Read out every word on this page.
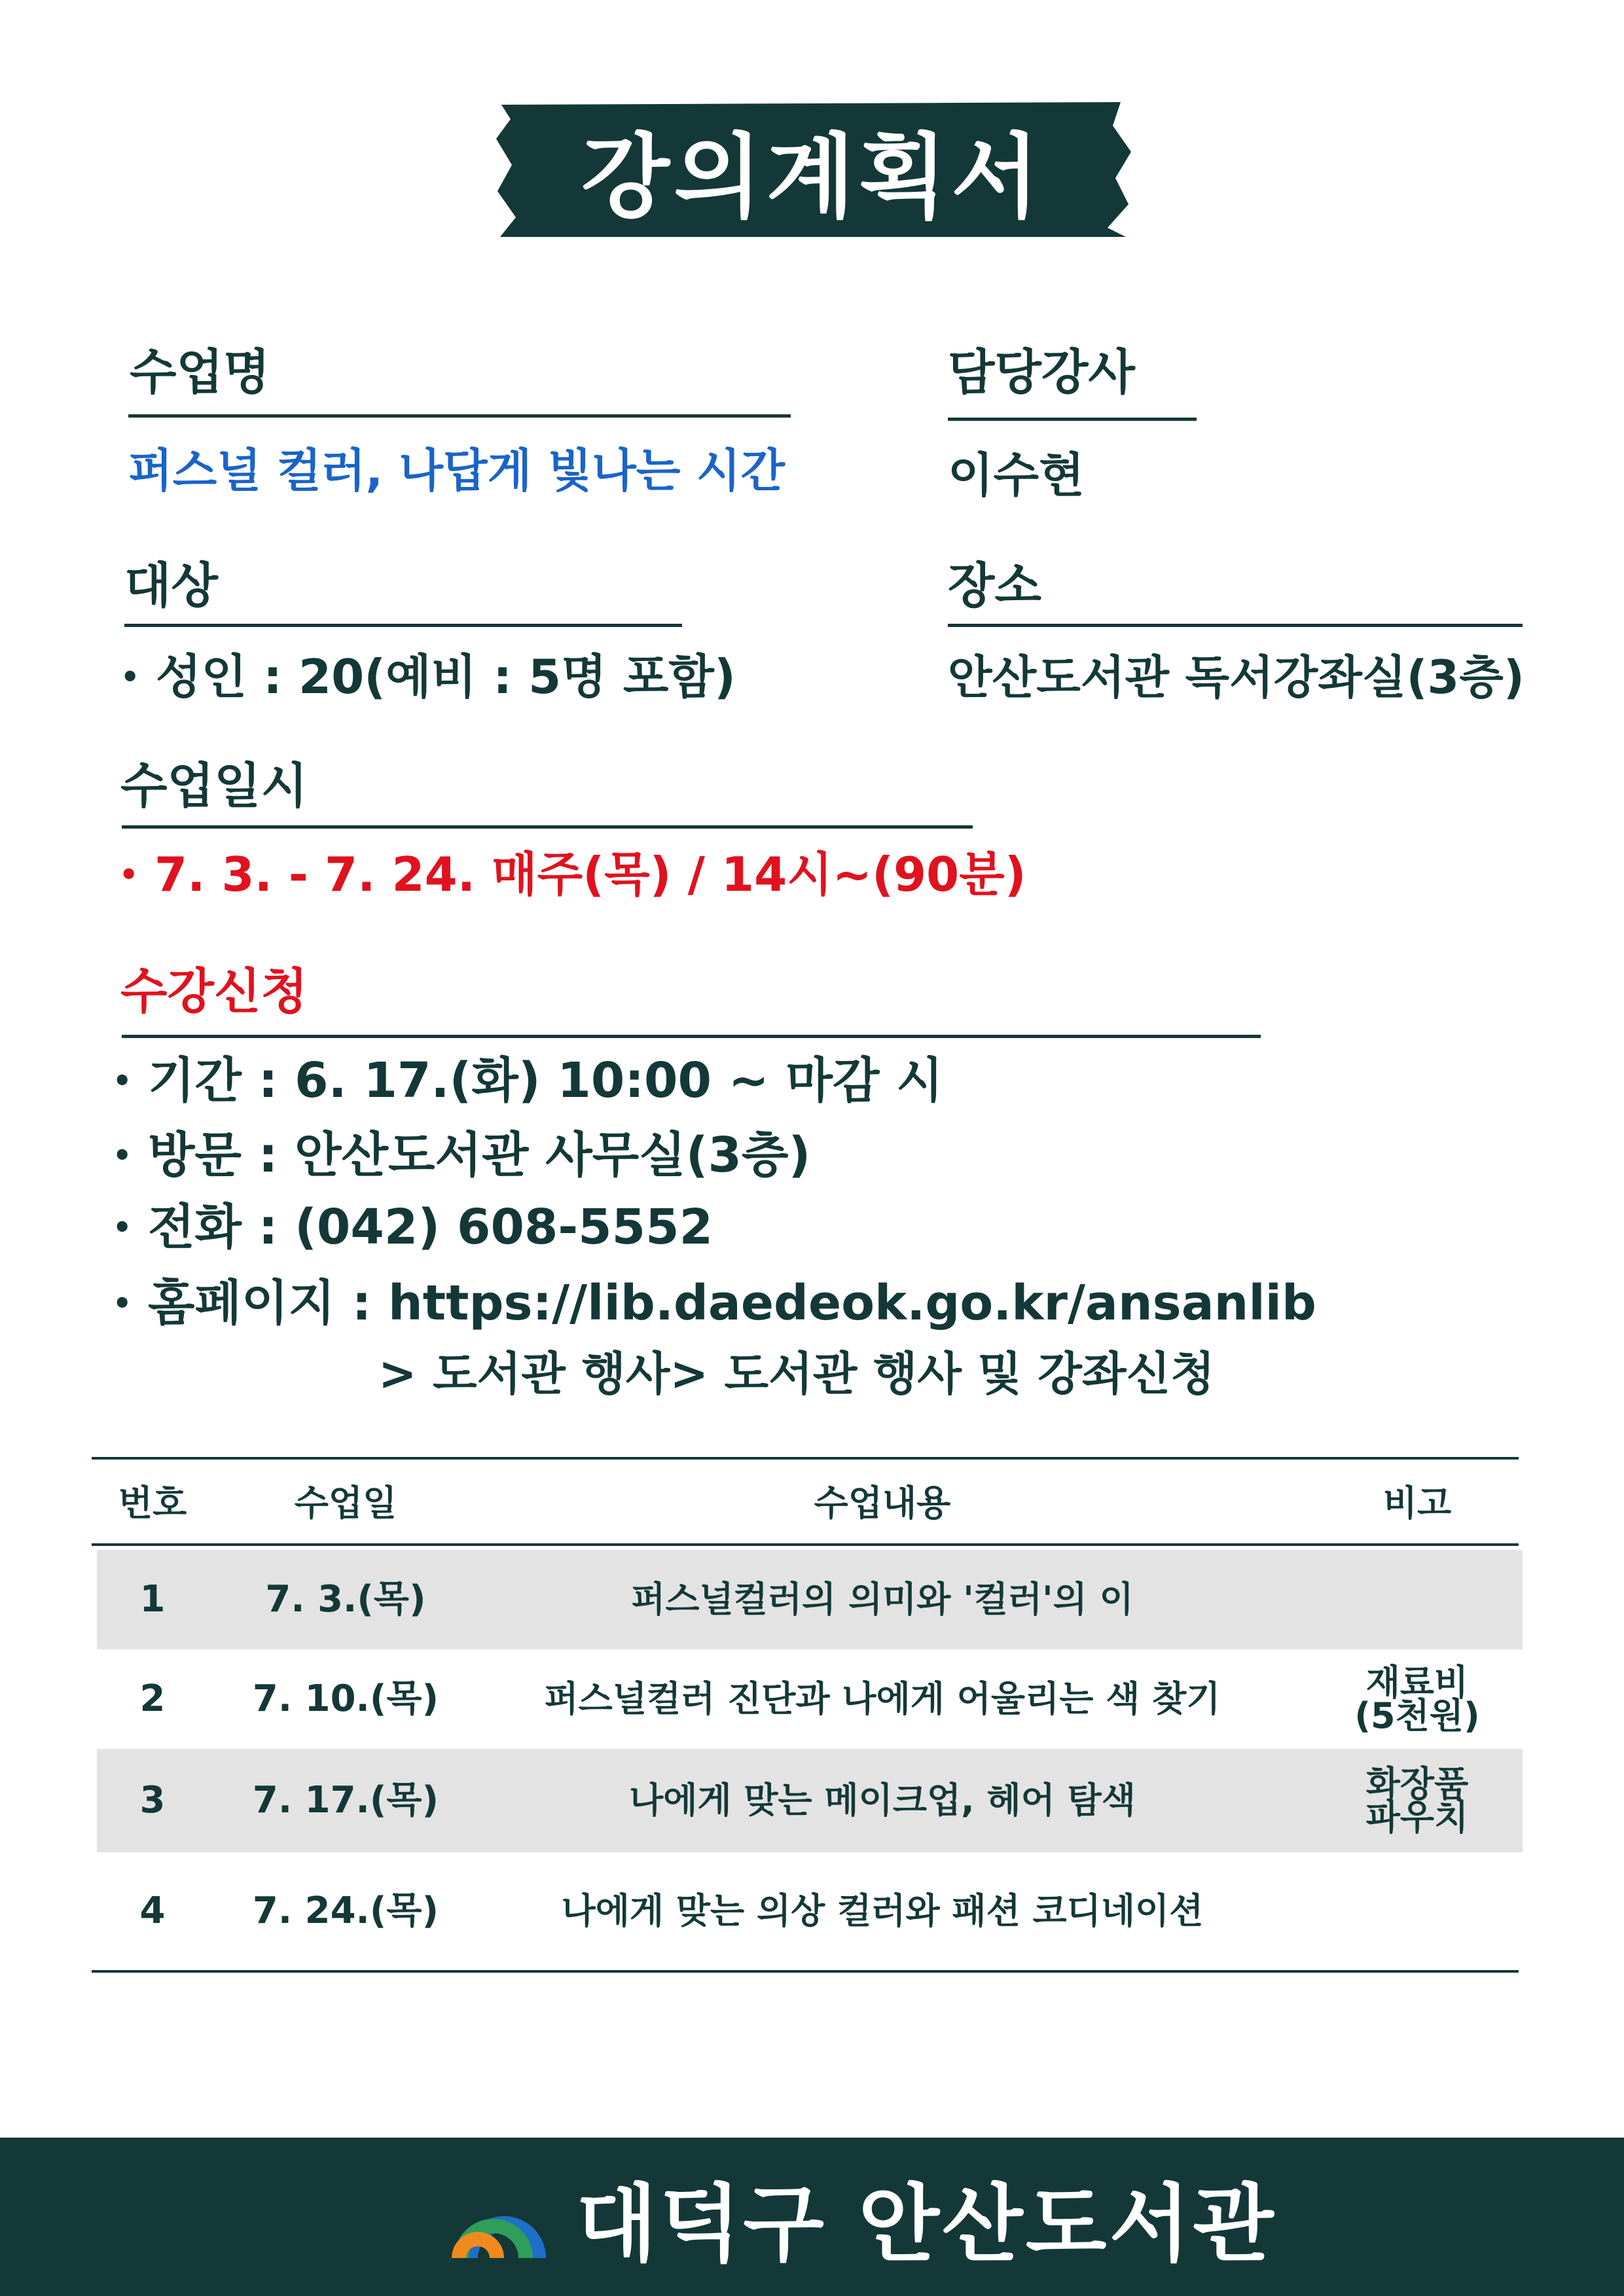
강의계획서
수업명
퍼스널 컬러, 나답게 빛나는 시간
담당강사
이수현
대상
• 성인 : 20(예비 : 5명 포함)
장소
안산도서관 독서강좌실(3층)
수업일시
• 7. 3. - 7. 24. 매주(목) / 14시~(90분)
수강신청
• 기간 : 6. 17.(화) 10:00 ~ 마감 시
• 방문 : 안산도서관 사무실(3층)
• 전화 : (042) 608-5552
• 홈페이지 : https://lib.daedeok.go.kr/ansanlib
> 도서관 행사> 도서관 행사 및 강좌신청
번호	수업일	수업내용	비고
1	7. 3.(목)	퍼스널컬러의 의미와 '컬러'의 이
2	7. 10.(목)	퍼스널컬러 진단과 나에게 어울리는 색 찾기	재료비
(5천원)
3	7. 17.(목)	나에게 맞는 메이크업, 헤어 탐색	화장품
파우치
4	7. 24.(목)	나에게 맞는 의상 컬러와 패션 코디네이션
대덕구 안산도서관
